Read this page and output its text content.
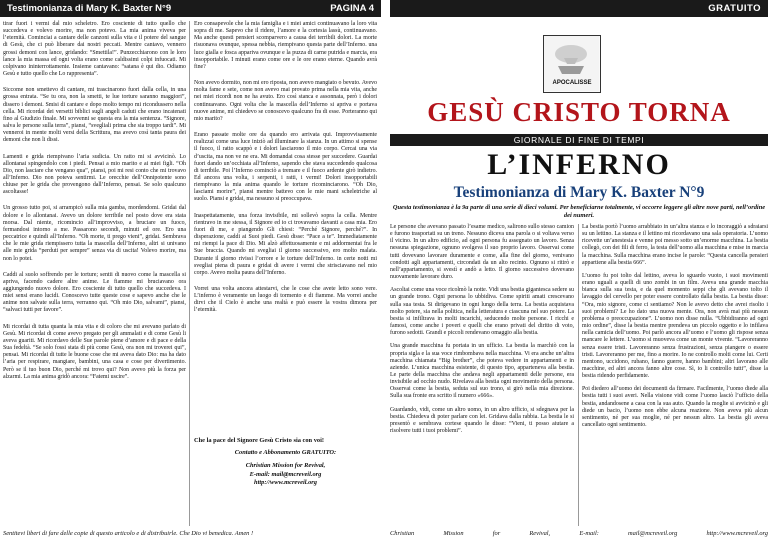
Testimonianza di Mary K. Baxter N°9	PAGINA 4	GRATUITO

tirar fuori i vermi dal mio scheletro. Ero cosciente di tutto quello che succedeva e volevo morire, ma non potevo. La mia anima viveva per l’eternità. Cominciai a cantare delle canzoni sulla vita e il potere del sangue di Gesù, che ci può liberare dai nostri peccati. Mentre cantavo, vennero grossi demoni con lance, gridando: “Smettila!”. Punzecchiarono con le loro lance la mia massa ed ogni volta erano come caldissimi colpi infuocati. Mi colpivano ininterrottamente. Insieme cantavano: “satana è qui dio. Odiamo Gesù e tutto quello che Lo rappresenta”.

Siccome non smettevo di cantare, mi trascinarono fuori dalla cella, in una grossa entrata. “Se tu ora, non la smetti, te lue torture saranno maggiori”, dissero i demoni. Smisi di cantare e dopo molto tempo mi ricondussero nella cella. Mi ricordai dei versetti biblici sugli angeli caduti che erano incatenati fino al Giudizio finale. Mi sovvenni se questa era la mia sentenza. “Signore, salva le persone sulla terra”, piansi, “svegliali prima che sia troppo tardi”. Mi venneroi in mente molti versi della Scrittura, ma avevo così tanta paura dei demoni che non li dissi.

Lamenti e grida riempivano l’aria sudicia. Un ratto mi si avvicinò. Lo allontanai spingendolo con i piedi. Pensai a mio marito e ai miei figli. “Oh Dio, non lasciare che vengano qua”, piansi, poi mi resi conto che mi trovavo all’Inferno. Dio non poteva sentirmi. Le orecchie dell’Onnipotente sono chiuse per le grida che provengono dall’Inferno, pensai. Se solo qualcuno ascoltasse!

Un grosso tutto poi, si arrampicò sulla mia gamba, mordendomi. Gridai dal dolore e lo allontanai. Avevo un dolore terribile nel posto dove era stata morsa. Dal niente, ricomincio all’improvviso, a bruciare un fuoco, fermandosi intorno a me. Passarono secondi, minuti ed ore. Ero una peccatrice e quindi all’Inferno. “Oh morte, ti prego vieni”, gridai. Sembrava che le mie grida riempissero tutta la mascella dell’Inferno, altri si univano alle mie grida “perduti per sempre” senza via di uscita! Volevo morire, ma non lo potei.

Caddi al suolo soffrendo per le torture; sentii di nuovo come la mascella si apriva, facendo cadere altre anime. Le fiamme mi bruciavano ora aggiungendo nuovo dolore. Ero cosciente di tutto quello che succedeva. I miei sensi erano lucidi. Conoscevo tutte queste cose e sapevo anche che le anime non salvate sulla terra, verranno qui. “Oh mio Dio, salvami”, piansi, “salvaci tutti per favore”.

Mi ricordai di tutta quanta la mia vita e di coloro che mi avevano parlato di Gesù. Mi ricordai di come avevo pregato per gli ammalati e di come Gesù li aveva guariti. Mi ricordavo delle Sue parole piene d’amore e di pace e della Sua fedeltà. “Se solo fossi stata di più come Gesù, ora non mi troverei qui”, pensai. Mi ricordai di tutte le buone cose che mi aveva dato Dio: ma ha dato l’aria per respirare, mangiare, bambini, una casa e cose per divertimento. Però se il tuo buon Dio, perché mi trovo qui? Non avevo più la forza per alzarmi. La mia anima gridò ancora: “Fatemi uscire”.

Ero consapevole che la mia famiglia e i miei amici continuavano la loro vita sopra di me. Sapevo che il ridere, l’amore e la cortesia lassù, continuavano. Ma anche questi pensieri scomparvero a causa dei terribili dolori. La morte risuonava ovunque, spessa nebbia, riempivano questa parte dell’Inferno. una luce gialla e fosca appariva ovunque e la puzza di carne putrida e marcia, era insopportabile. I minuti erano come ore e le ore erano eterne. Quando avrà fine?

Non avevo dormito, non mi ero riposta, non avevo mangiato o bevuto. Avevo molta fame e sete, come non avevo mai provato prima nella mia vita, anche nei miei ricordi non ne ha avuto. Ero così stanca e assonnata, però i dolori continuavano. Ogni volta che la mascella dell’Inferno si apriva e portava nuove anime, mi chiedevo se conoscevo qualcuno fra di esse. Porteranno qui mio marito?

Erano passate molte ore da quando ero arrivata qui. Improvvisamente realizzai come una luce iniziò ad illuminare la stanza. In un attimo si spense il fuoco, il ratto scappò e i dolori lasciarono il mio corpo. Cercai una via d’uscita, ma non ve ne era. Mi domandai cosa stesse per succedere. Guardai fuori dando un’occhiata all’Inferno, sapendo che stava succedendo qualcosa di terribile. Poi l’Inferno cominciò a tremare e il fuoco ardente girò indietro. Ed ancora una volta, i serpenti, i ratti, i vermi! Dolori insopportabili riempivano la mia anima quando le torture ricominciarono. “Oh Dio, lasciami morire”, piansi mentre battevo con le mie mani scheletriche al suolo. Piansi e gridai, ma nessuno si preoccupava.

Inaspettatamente, una forza invisibile, mi sollevò sopra la cella. Mentre rientravo in me stessa, il Signore ed io ci trovavamo davanti a casa mia. Ero fuori di me, e piangendo Gli chiesi: “Perché Signore, perché?”. In disperazione, caddi ai Suoi piedi. Gesù disse: “Pace a te”. Immediatamente mi riempi la pace di Dio. Mi alzò affettuosamente e mi addormentai fra le Sue braccia. Quando mi svegliai il giorno successivo, ero molto malata. Durante il giorno rivissi l’orrore e le torture dell’Inferno. in certe notti mi svegliai piena di paura e gridai di avere i vermi che strisciavano nel mio corpo. Avevo molta paura dell’Inferno.

Vorrei una volta ancora attestarvi, che le cose che avete letto sono vere. L’inferno è veramente un luogo di tormento e di fiamme. Ma vorrei anche dirvi che il Cielo è anche una realtà e può essere la vostra dimora per l’eternità.

Che la pace del Signore Gesù Cristo sia con voi!
Contatto e Abbonamento GRATUITO:
Christian Mission for Revival,
E-mail: mail@mcreveil.org
http://www.mcreveil.org
Sentitevi liberi di fare delle copie di questo articolo e di distribuirle. Che Dio vi benedica. Amen !
APOCALISSE
GESÙ CRISTO TORNA
GIORNALE DI FINE DI TEMPI
L’INFERNO
Testimonianza di Mary K. Baxter N°9
Questa testimonianza è la 9a parte di una serie di dieci volumi. Per beneficiarne totalmente, vi occorre leggere gli altre nove parti, nell’ordine dei numeri.

Le persone che avevano passato l’esame medico, salirono sullo stesso camion e furono trasportati su un treno. Nessuno diceva una parola o si voltava verso il vicino. In un altro edificio, ad ogni persona fu assegnato un lavoro. Senza nessuna spiegazione, ognuno svolgeva il suo proprio lavoro. Osservai come tutti dovevano lavorare duramente e come, alla fine del giorno, venivano condotti agli appartamenti, circondati da un alto recinto. Ognuno si ritirò e nell’appartamento, si svestì e andò a letto. Il giorno successivo dovevano nuovamente lavorare duro.

Ascoltai come una voce ricolmò la notte. Vidi una bestia gigantesca sedere su un grande trono. Ogni persona lo ubbidiva. Come spiriti amati crescevano sulla sua testa. Si dirigevano in ogni lungo della terra. La bestia acquistava molto potere, sia nella politica, nella letteratura e ciascuna nel suo potere. La bestia si infiltrava in molti incarichi, seducendo molte persone. I ricchi e famosi, come anche i poveri e quelli che erano privati del diritto di voto, furono sedotti. Grandi e piccoli rendevano omaggio alla bestia.

Una grande macchina fu portata in un ufficio. La bestia la marchiò con la propria sigla e la sua voce rimbombava nella macchina. Vi era anche un’altra macchina chiamata “Big brother”, che poteva vedere in appartamenti e in aziende. L’unica macchina esistente, di questo tipo, apparteneva alla bestia. Le parte della macchina che andava negli appartamenti delle persone, era invisibile ad occhio nudo. Rivelava alla bestia ogni movimento della persona. Osservai come la bestia, seduta sul suo trono, si girò nella mia direzione. Sulla sua fronte era scritto il numero «666».

Guardando, vidi, come un altro uomo, in un altro ufficio, si sdegnava per la bestia. Chiedeva di poter parlare con lei. Gridava dalla rabbia. La bestia le si presentò e sembrava cortese quando le disse: “Vieni, ti posso aiutare a risolvere tutti i tuoi problemi”.

La bestia portò l’uomo arrabbiato in un’altra stanza e lo incoraggiò a sdraiarsi su un lettino. La stanza e il lettino mi ricordavano una sala operatoria. L’uomo ricevette un’anestesia e venne poi messo sotto un’enorme macchina. La bestia collegò, con dei fili di ferro, la testa dell’uomo alla macchina e mise in marcia la macchina. Sulla macchina erano incise le parole: “Questa cancella pensieri appartiene alla bestia 666”.

L’uomo fu poi tolto dal lettino, aveva lo sguardo vuoto, i suoi movimenti erano uguali a quelli di uno zombi in un film. Aveva una grande macchia bianca sulla sua testa, e da quel momento seppi che gli avevano tolto il lavaggio del cervello per poter essere controllato dalla bestia. La bestia disse: “Ora, mio signore, come ci sentiamo? Non le avevo detto che avrei risolto i suoi problemi? Le ho dato una nuova mente. Ora, non avrà mai più nessun problema o preoccupazione”. L’uomo non disse nulla. “Ubbidiranno ad ogni mio ordine”, disse la bestia mentre prendeva un piccolo oggetto e lo infilava nella camicia dell’uomo. Poi parlò ancora all’uomo e l’uomo gli rispose senza mancare le lettere. L’uomo si muoveva come un monte vivente. “Lavoreranno senza essere tristi. Lavoreranno senza frustrazioni, senza piangere o essere tristi. Lavoreranno per me, fino a morire. Io ne controllo molti come lui. Certi mentono, uccidono, rubano, fanno guerre, hanno bambini; altri lavorano alle macchine, ed altri ancora fanno altre cose. Sì, io li controllo tutti”, disse la bestia ridendo perfidamente.

Poi diedero all’uomo dei documenti da firmare. Facilmente, l’uomo diede alla bestia tutti i suoi averi. Nella visione vidi come l’uomo lasciò l’ufficio della bestia, andandosene a casa con la sua auto. Quando la moglie si avvicinò e gli diede un bacio, l’uomo non ebbe alcuna reazione. Non aveva più alcun sentimento, né per sua moglie, né per nessun altro. La bestia gli aveva cancellato ogni sentimento.

Christian	Mission	for	Revival,	E-mail:	mail@mcreveil.org	http://www.mcreveil.org
